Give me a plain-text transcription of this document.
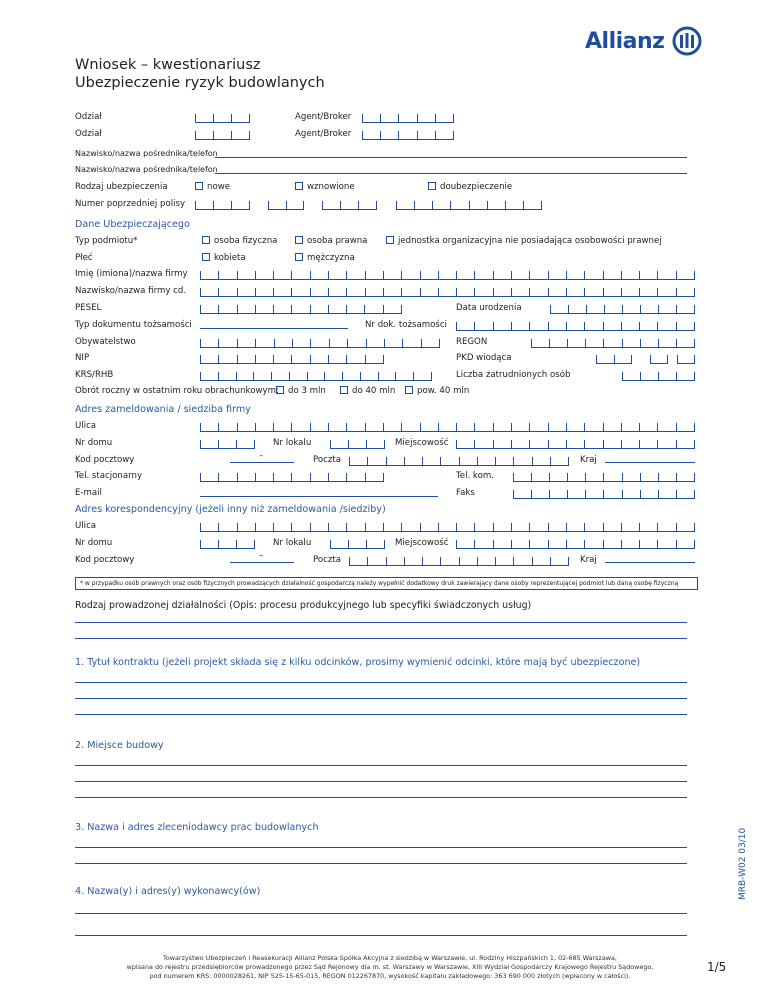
Allianz
Wniosek – kwestionariusz
Ubezpieczenie ryzyk budowlanych
Odział	Agent/Broker
Odział	Agent/Broker
Nazwisko/nazwa pośrednika/telefon
Nazwisko/nazwa pośrednika/telefon
Rodzaj ubezpieczenia	nowe	wznowione	doubezpieczenie
Numer poprzedniej polisy
Dane Ubezpieczającego
Typ podmiotu*	osoba fizyczna	osoba prawna	jednostka organizacyjna nie posiadająca osobowości prawnej
Płeć	kobieta	mężczyzna
Imię (imiona)/nazwa firmy
Nazwisko/nazwa firmy cd.
PESEL	Data urodzenia
Typ dokumentu tożsamości	Nr dok. tożsamości
Obywatelstwo	REGON
NIP	PKD wiodąca
KRS/RHB	Liczba zatrudnionych osób
Obrót roczny w ostatnim roku obrachunkowym:	do 3 mln	do 40 mln	pow. 40 mln
Adres zameldowania / siedziba firmy
Ulica
Nr domu	Nr lokalu	Miejscowość
Kod pocztowy	–	Poczta	Kraj
Tel. stacjonarny	Tel. kom.
E-mail	Faks
Adres korespondencyjny (jeżeli inny niż zameldowania /siedziby)
Ulica
Nr domu	Nr lokalu	Miejscowość
Kod pocztowy	–	Poczta	Kraj
* w przypadku osób prawnych oraz osób fizycznych prowadzących działalność gospodarczą należy wypełnić dodatkowy druk zawierający dane osoby reprezentującej podmiot lub daną osobę fizyczną
Rodzaj prowadzonej działalności (Opis: procesu produkcyjnego lub specyfiki świadczonych usług)
1. Tytuł kontraktu (jeżeli projekt składa się z kilku odcinków, prosimy wymienić odcinki, które mają być ubezpieczone)
2. Miejsce budowy
3. Nazwa i adres zleceniodawcy prac budowlanych
4. Nazwa(y) i adres(y) wykonawcy(ów)	MRB-W02 03/10
Towarzystwo Ubezpieczeń i Reasekuracji Allianz Polska Spółka Akcyjna z siedzibą w Warszawie, ul. Rodziny Hiszpańskich 1, 02-685 Warszawa,
wpisana do rejestru przedsiębiorców prowadzonego przez Sąd Rejonowy dla m. st. Warszawy w Warszawie, XIII Wydział Gospodarczy Krajowego Rejestru Sądowego,
pod numerem KRS: 0000028261, NIP 525-15-65-015, REGON 012267870, wysokość kapitału zakładowego: 363 690 000 złotych (wpłacony w całości).
1/5
